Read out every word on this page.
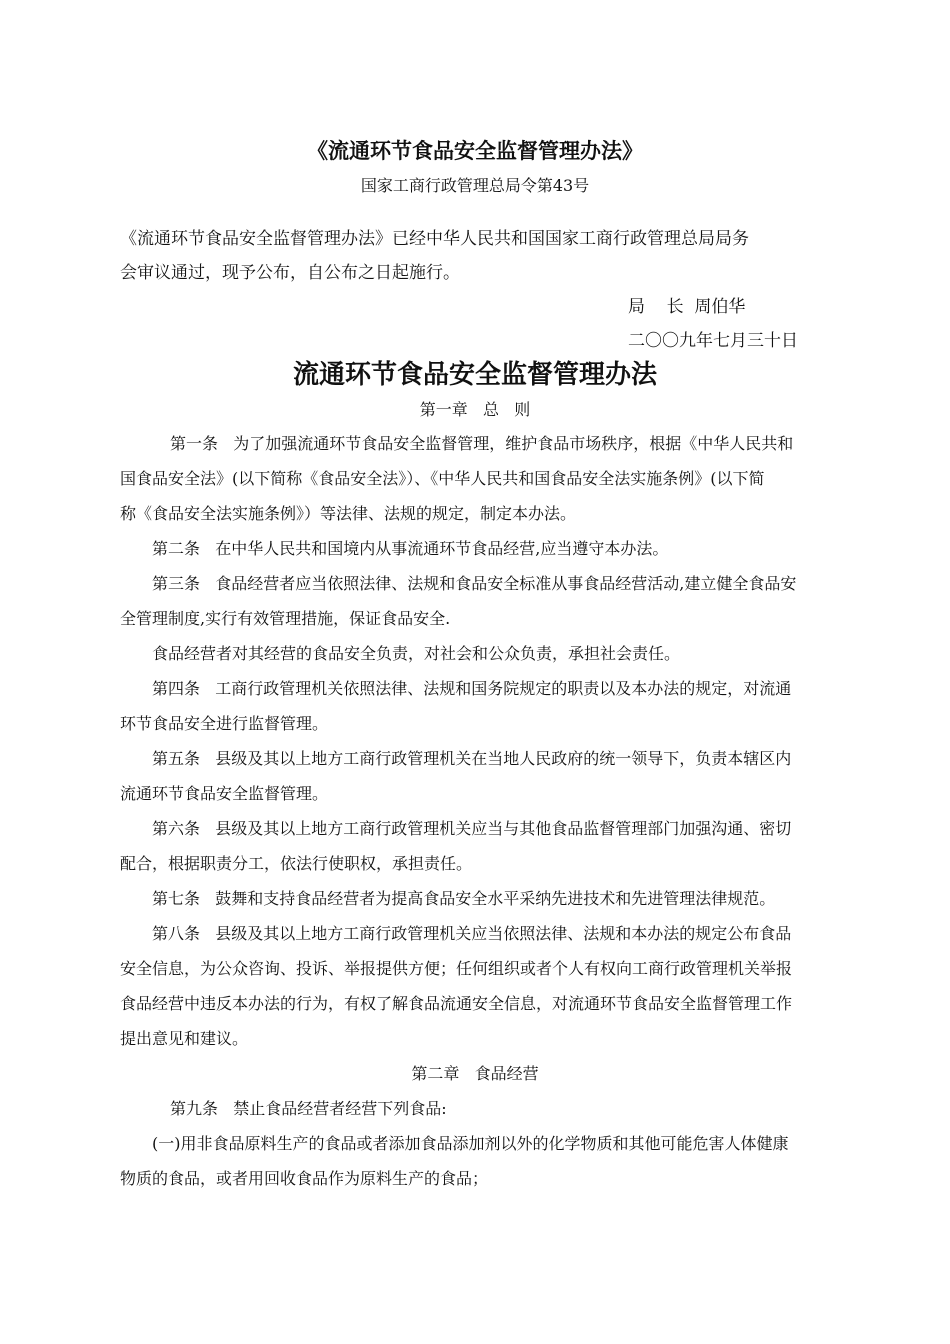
《流通环节食品安全监督管理办法》
国家工商行政管理总局令第43号
《流通环节食品安全监督管理办法》已经中华人民共和国国家工商行政管理总局局务
会审议通过，现予公布，自公布之日起施行。
局    长  周伯华
二〇〇九年七月三十日
流通环节食品安全监督管理办法
第一章   总   则
第一条   为了加强流通环节食品安全监督管理，维护食品市场秩序，根据《中华人民共和
国食品安全法》(以下简称《食品安全法》）、《中华人民共和国食品安全法实施条例》(以下简
称《食品安全法实施条例》）等法律、法规的规定，制定本办法。
第二条   在中华人民共和国境内从事流通环节食品经营,应当遵守本办法。
第三条   食品经营者应当依照法律、法规和食品安全标准从事食品经营活动,建立健全食品安
全管理制度,实行有效管理措施，保证食品安全.
食品经营者对其经营的食品安全负责，对社会和公众负责，承担社会责任。
第四条   工商行政管理机关依照法律、法规和国务院规定的职责以及本办法的规定，对流通
环节食品安全进行监督管理。
第五条   县级及其以上地方工商行政管理机关在当地人民政府的统一领导下，负责本辖区内
流通环节食品安全监督管理。
第六条   县级及其以上地方工商行政管理机关应当与其他食品监督管理部门加强沟通、密切
配合，根据职责分工，依法行使职权，承担责任。
第七条   鼓舞和支持食品经营者为提高食品安全水平采纳先进技术和先进管理法律规范。
第八条   县级及其以上地方工商行政管理机关应当依照法律、法规和本办法的规定公布食品
安全信息，为公众咨询、投诉、举报提供方便；任何组织或者个人有权向工商行政管理机关举报
食品经营中违反本办法的行为，有权了解食品流通安全信息，对流通环节食品安全监督管理工作
提出意见和建议。
第二章   食品经营
第九条   禁止食品经营者经营下列食品:
(一)用非食品原料生产的食品或者添加食品添加剂以外的化学物质和其他可能危害人体健康
物质的食品，或者用回收食品作为原料生产的食品；
